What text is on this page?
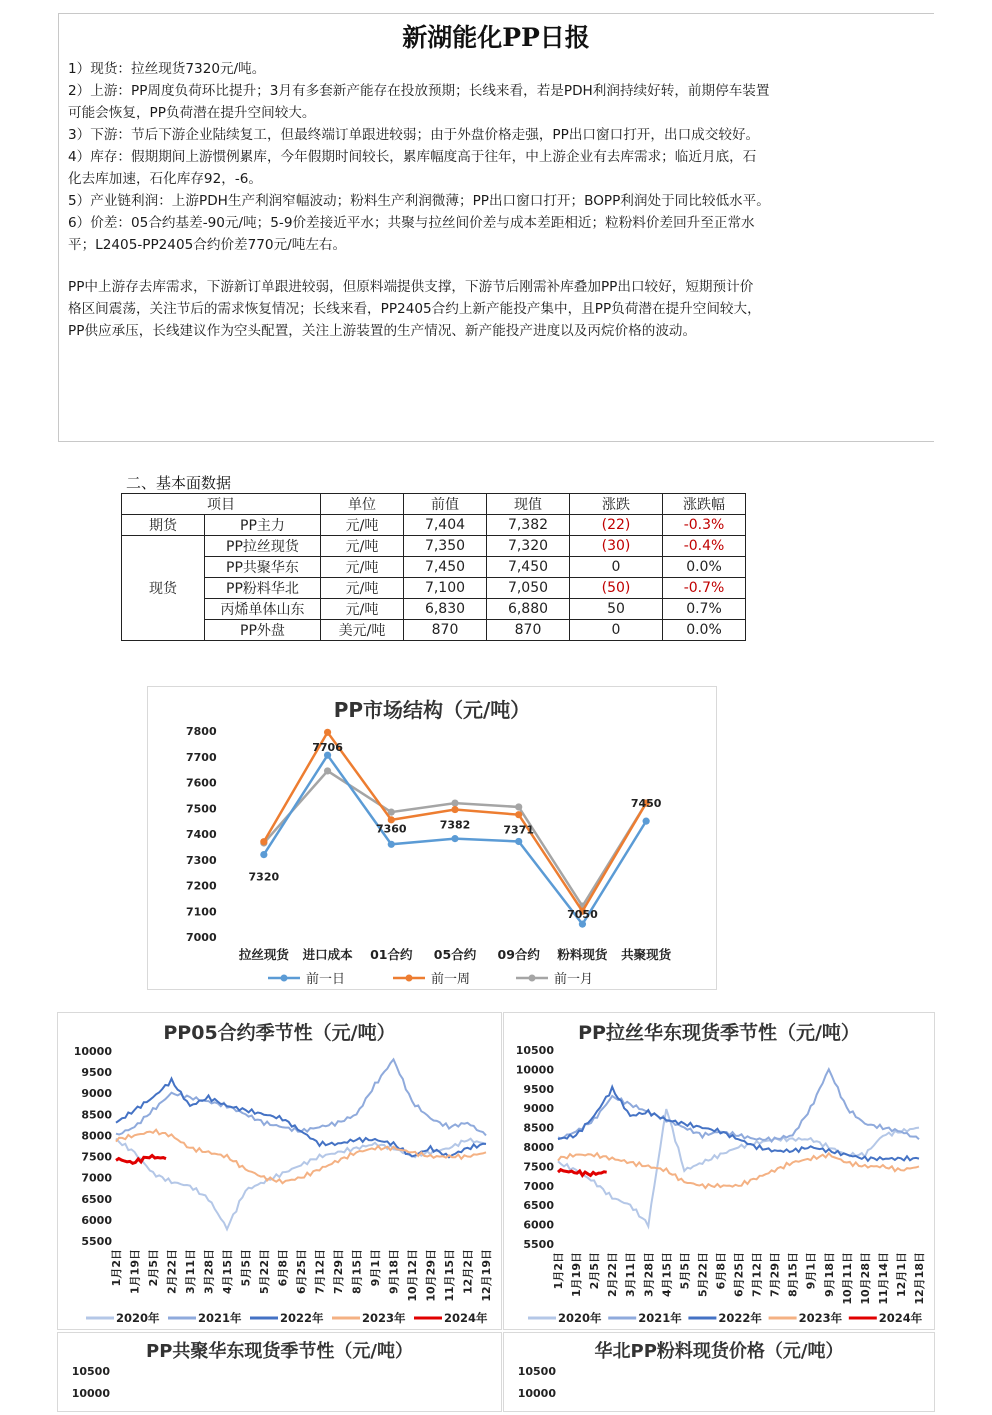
新湖能化PP日报
1）现货：拉丝现货7320元/吨。
2）上游：PP周度负荷环比提升；3月有多套新产能存在投放预期；长线来看，若是PDH利润持续好转，前期停车装置
可能会恢复，PP负荷潜在提升空间较大。
3）下游：节后下游企业陆续复工，但最终端订单跟进较弱；由于外盘价格走强，PP出口窗口打开，出口成交较好。
4）库存：假期期间上游惯例累库，今年假期时间较长，累库幅度高于往年，中上游企业有去库需求；临近月底，石
化去库加速，石化库存92，-6。
5）产业链利润：上游PDH生产利润窄幅波动；粉料生产利润微薄；PP出口窗口打开；BOPP利润处于同比较低水平。
6）价差：05合约基差-90元/吨；5-9价差接近平水；共聚与拉丝间价差与成本差距相近；粒粉料价差回升至正常水
平；L2405-PP2405合约价差770元/吨左右。
PP中上游存去库需求，下游新订单跟进较弱，但原料端提供支撑，下游节后刚需补库叠加PP出口较好，短期预计价
格区间震荡，关注节后的需求恢复情况；长线来看，PP2405合约上新产能投产集中，且PP负荷潜在提升空间较大，
PP供应承压，长线建议作为空头配置，关注上游装置的生产情况、新产能投产进度以及丙烷价格的波动。
二、基本面数据
项目		单位	前值	现值	涨跌	涨跌幅
期货	PP主力	元/吨	7,404	7,382	(22)	-0.3%
现货	PP拉丝现货	元/吨	7,350	7,320	(30)	-0.4%
	PP共聚华东	元/吨	7,450	7,450	0	0.0%
	PP粉料华北	元/吨	7,100	7,050	(50)	-0.7%
	丙烯单体山东	元/吨	6,830	6,880	50	0.7%
	PP外盘	美元/吨	870	870	0	0.0%
PP市场结构（元/吨）
7000
7100
7200
7300
7400
7500
7600
7700
7800
拉丝现货 进口成本 01合约 05合约 09合约 粉料现货 共聚现货
7320
7706
7360	7382	7371
7050
7450
前一日	前一周	前一月
PP05合约季节性（元/吨）
5500
6000
6500
7000
7500
8000
8500
9000
9500
10000
1月2日 1月19日 2月5日 2月22日 3月11日 3月28日 4月15日 5月5日 5月22日 6月8日 6月25日 7月12日 7月29日 8月15日 9月1日 9月18日 10月12日 10月29日 11月15日 12月2日 12月19日
2020年	2021年	2022年	2023年	2024年
PP拉丝华东现货季节性（元/吨）
5500
6000
6500
7000
7500
8000
8500
9000
9500
10000
10500
1月2日 1月19日 2月5日 2月22日 3月11日 3月28日 4月15日 5月5日 5月22日 6月8日 6月25日 7月12日 7月29日 8月15日 9月1日 9月18日 10月11日 10月28日 11月14日 12月1日 12月18日
2020年	2021年	2022年	2023年	2024年
PP共聚华东现货季节性（元/吨）
10000
10500
华北PP粉料现货价格（元/吨）
10000
10500
